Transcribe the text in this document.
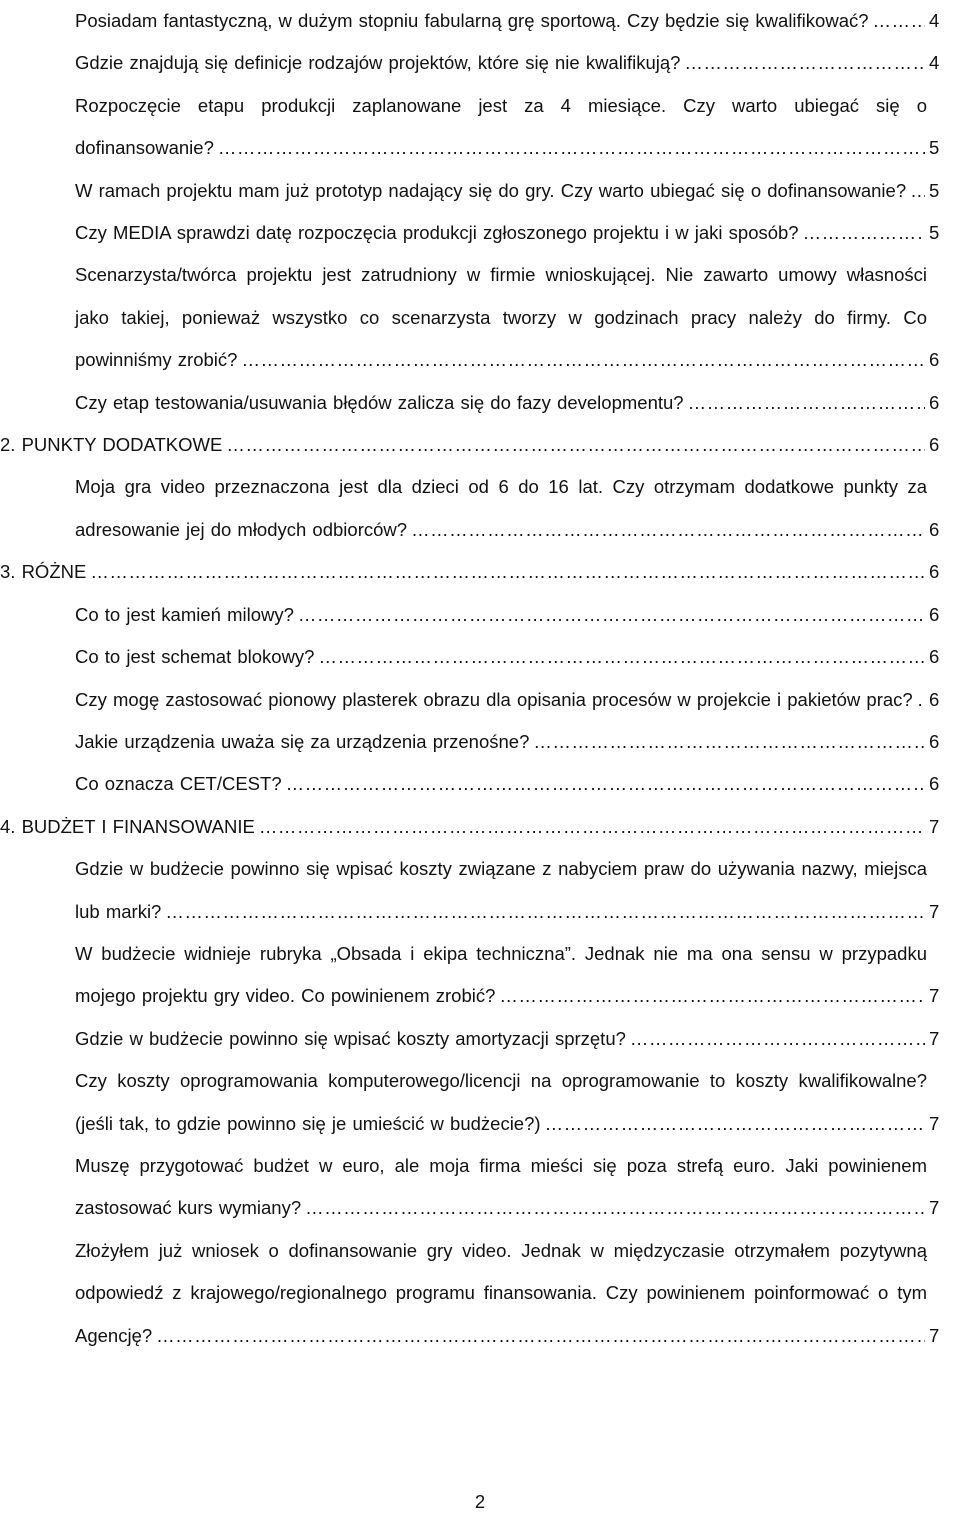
Posiadam fantastyczną, w dużym stopniu fabularną grę sportową. Czy będzie się kwalifikować?	4
……………………………………………………………………………………………………………………………………………………………………
Gdzie znajdują się definicje rodzajów projektów, które się nie kwalifikują?	4
……………………………………………………………………………………………………………………………………………………………………
Rozpoczęcie etapu produkcji zaplanowane jest za 4 miesiące. Czy warto ubiegać się o dofinansowanie?	5
……………………………………………………………………………………………………………………………………………………………………
W ramach projektu mam już prototyp nadający się do gry. Czy warto ubiegać się o dofinansowanie? 5
……………………………………………………………………………………………………………………………………………………………………
Czy MEDIA sprawdzi datę rozpoczęcia produkcji zgłoszonego projektu i w jaki sposób?	5
……………………………………………………………………………………………………………………………………………………………………
Scenarzysta/twórca projektu jest zatrudniony w firmie wnioskującej. Nie zawarto umowy własności jako takiej, ponieważ wszystko co scenarzysta tworzy w godzinach pracy należy do firmy. Co powinniśmy zrobić?	6
……………………………………………………………………………………………………………………………………………………………………
Czy etap testowania/usuwania błędów zalicza się do fazy developmentu?	6
……………………………………………………………………………………………………………………………………………………………………
2. PUNKTY DODATKOWE	6
……………………………………………………………………………………………………………………………………………………………………
Moja gra video przeznaczona jest dla dzieci od 6 do 16 lat. Czy otrzymam dodatkowe punkty za adresowanie jej do młodych odbiorców?	6
……………………………………………………………………………………………………………………………………………………………………
3. RÓŻNE	6
……………………………………………………………………………………………………………………………………………………………………
Co to jest kamień milowy?	6
……………………………………………………………………………………………………………………………………………………………………
Co to jest schemat blokowy?	6
……………………………………………………………………………………………………………………………………………………………………
Czy mogę zastosować pionowy plasterek obrazu dla opisania procesów w projekcie i pakietów prac? 6
……………………………………………………………………………………………………………………………………………………………………
Jakie urządzenia uważa się za urządzenia przenośne?	6
……………………………………………………………………………………………………………………………………………………………………
Co oznacza CET/CEST?	6
……………………………………………………………………………………………………………………………………………………………………
4. BUDŻET I FINANSOWANIE	7
……………………………………………………………………………………………………………………………………………………………………
Gdzie w budżecie powinno się wpisać koszty związane z nabyciem praw do używania nazwy, miejsca lub marki?	7
……………………………………………………………………………………………………………………………………………………………………
W budżecie widnieje rubryka „Obsada i ekipa techniczna”. Jednak nie ma ona sensu w przypadku mojego projektu gry video. Co powinienem zrobić?	7
……………………………………………………………………………………………………………………………………………………………………
Gdzie w budżecie powinno się wpisać koszty amortyzacji sprzętu?	7
……………………………………………………………………………………………………………………………………………………………………
Czy koszty oprogramowania komputerowego/licencji na oprogramowanie to koszty kwalifikowalne? (jeśli tak, to gdzie powinno się je umieścić w budżecie?)	7
……………………………………………………………………………………………………………………………………………………………………
Muszę przygotować budżet w euro, ale moja firma mieści się poza strefą euro. Jaki powinienem zastosować kurs wymiany?	7
……………………………………………………………………………………………………………………………………………………………………
Złożyłem już wniosek o dofinansowanie gry video. Jednak w międzyczasie otrzymałem pozytywną odpowiedź z krajowego/regionalnego programu finansowania. Czy powinienem poinformować o tym Agencję?	7
……………………………………………………………………………………………………………………………………………………………………
2
